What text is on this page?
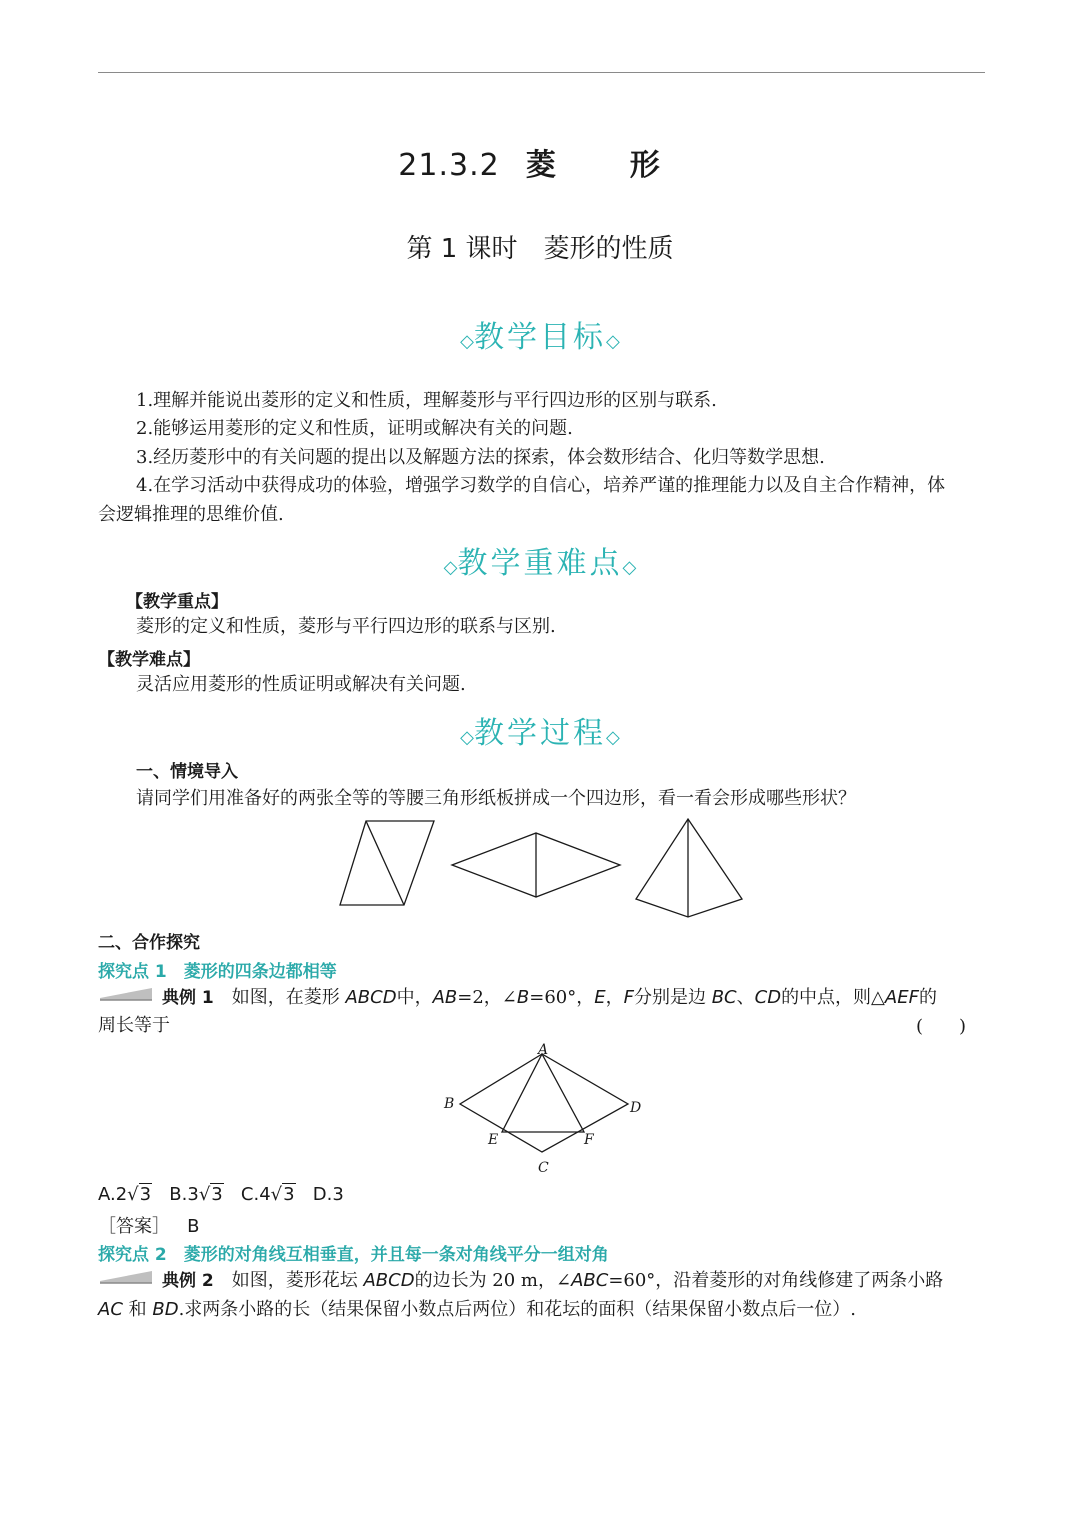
21.3.2 菱　形
第 1 课时　菱形的性质
◇教学目标◇
1.理解并能说出菱形的定义和性质，理解菱形与平行四边形的区别与联系.
2.能够运用菱形的定义和性质，证明或解决有关的问题.
3.经历菱形中的有关问题的提出以及解题方法的探索，体会数形结合、化归等数学思想.
4.在学习活动中获得成功的体验，增强学习数学的自信心，培养严谨的推理能力以及自主合作精神，体
会逻辑推理的思维价值.
◇教学重难点◇
【教学重点】
菱形的定义和性质，菱形与平行四边形的联系与区别.
【教学难点】
灵活应用菱形的性质证明或解决有关问题.
◇教学过程◇
一、情境导入
请同学们用准备好的两张全等的等腰三角形纸板拼成一个四边形，看一看会形成哪些形状？
二、合作探究
探究点 1　菱形的四条边都相等
典例 1　 如图，在菱形 ABCD中，AB=2，∠B=60°，E，F分别是边 BC、CD的中点，则△AEF的
周长等于	(　　)
A
B
C
D
E	F
A.2√3 B.3√3 C.4√3 D.3
［答案］ B
探究点 2　菱形的对角线互相垂直，并且每一条对角线平分一组对角
典例 2　 如图，菱形花坛 ABCD的边长为 20 m，∠ABC=60°，沿着菱形的对角线修建了两条小路
AC 和 BD.求两条小路的长（结果保留小数点后两位）和花坛的面积（结果保留小数点后一位）.
